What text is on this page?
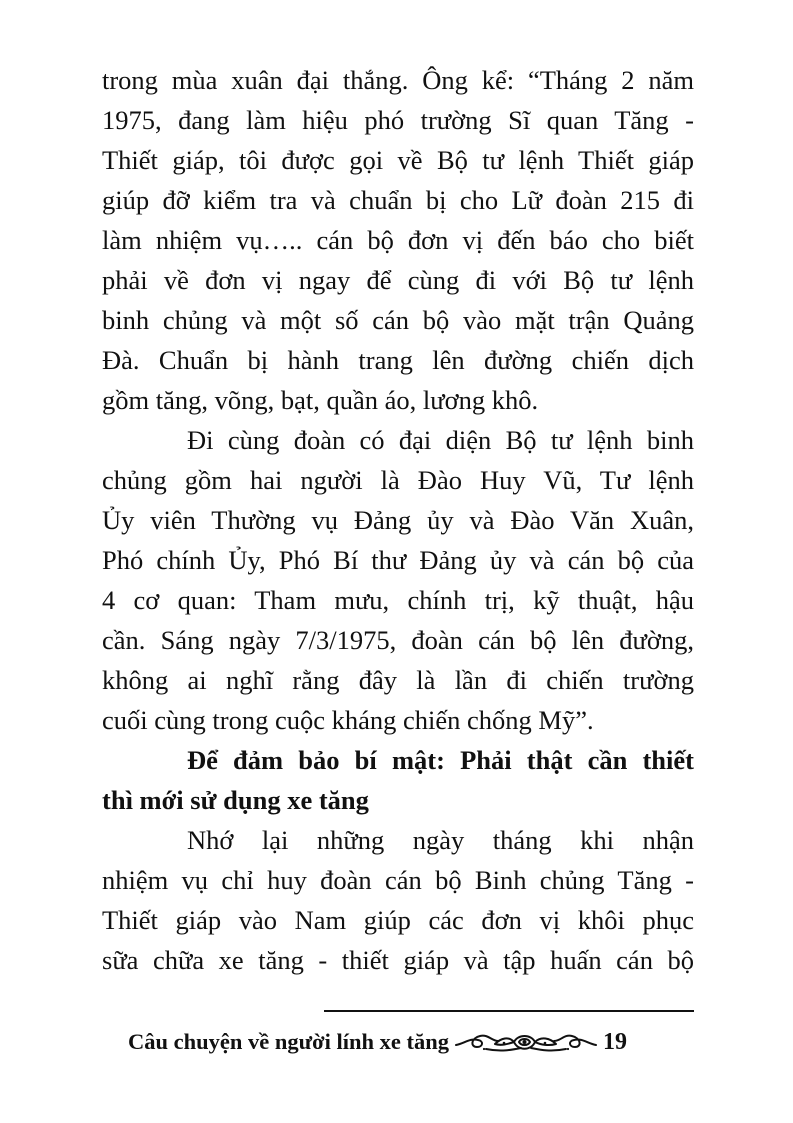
trong mùa xuân đại thắng. Ông kể: “Tháng 2 năm
1975, đang làm hiệu phó trường Sĩ quan Tăng -
Thiết giáp, tôi được gọi về Bộ tư lệnh Thiết giáp
giúp đỡ kiểm tra và chuẩn bị cho Lữ đoàn 215 đi
làm nhiệm vụ….. cán bộ đơn vị đến báo cho biết
phải về đơn vị ngay để cùng đi với Bộ tư lệnh
binh chủng và một số cán bộ vào mặt trận Quảng
Đà. Chuẩn bị hành trang lên đường chiến dịch
gồm tăng, võng, bạt, quần áo, lương khô.
Đi cùng đoàn có đại diện Bộ tư lệnh binh
chủng gồm hai người là Đào Huy Vũ, Tư lệnh
Ủy viên Thường vụ Đảng ủy và Đào Văn Xuân,
Phó chính Ủy, Phó Bí thư Đảng ủy và cán bộ của
4 cơ quan: Tham mưu, chính trị, kỹ thuật, hậu
cần. Sáng ngày 7/3/1975, đoàn cán bộ lên đường,
không ai nghĩ rằng đây là lần đi chiến trường
cuối cùng trong cuộc kháng chiến chống Mỹ”.
Để đảm bảo bí mật: Phải thật cần thiết
thì mới sử dụng xe tăng
Nhớ lại những ngày tháng khi nhận
nhiệm vụ chỉ huy đoàn cán bộ Binh chủng Tăng -
Thiết giáp vào Nam giúp các đơn vị khôi phục
sữa chữa xe tăng - thiết giáp và tập huấn cán bộ
Câu chuyện về người lính xe tăng	19
